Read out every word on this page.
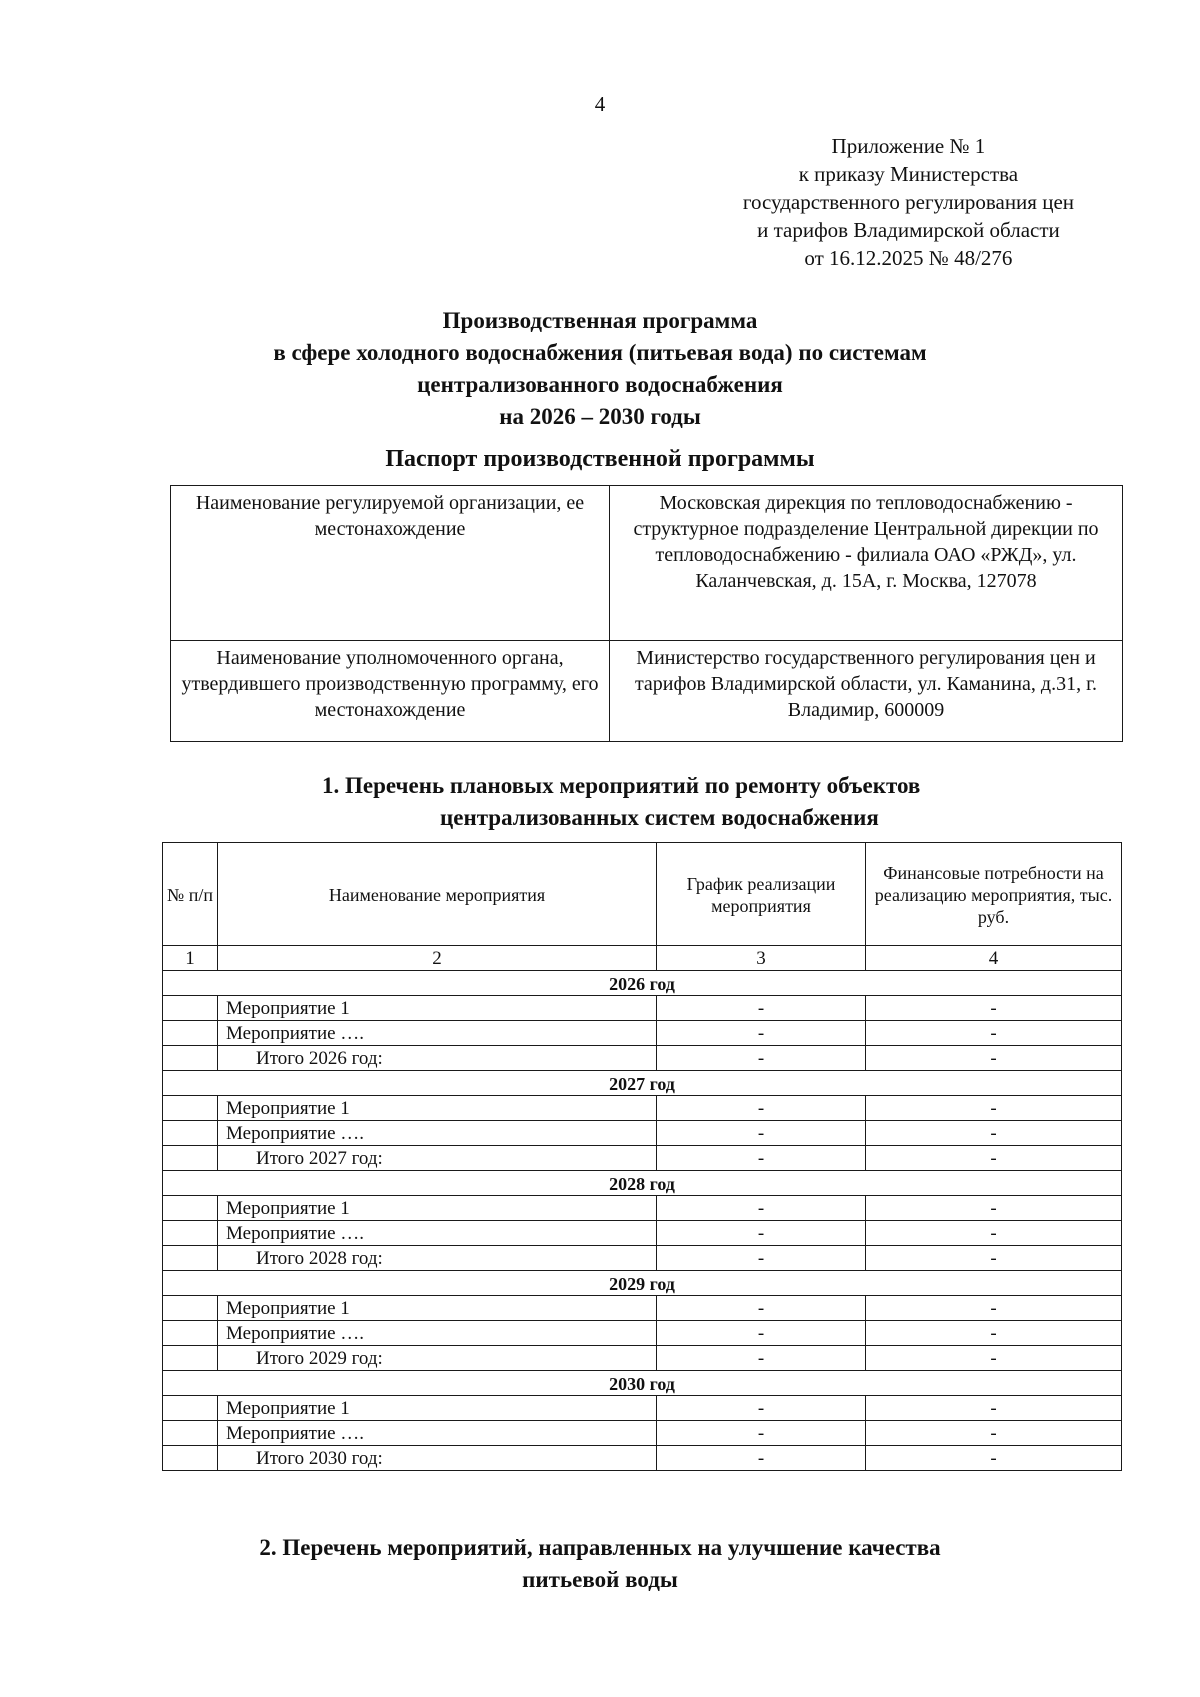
4
Приложение № 1
к приказу Министерства
государственного регулирования цен
и тарифов Владимирской области
от 16.12.2025 № 48/276
Производственная программа
в сфере холодного водоснабжения (питьевая вода) по системам
централизованного водоснабжения
на 2026 – 2030 годы
Паспорт производственной программы
Наименование регулируемой организации, ее местонахождение	Московская дирекция по тепловодоснабжению - структурное подразделение Центральной дирекции по тепловодоснабжению - филиала ОАО «РЖД», ул. Каланчевская, д. 15А, г. Москва, 127078
Наименование уполномоченного органа, утвердившего производственную программу, его местонахождение	Министерство государственного регулирования цен и тарифов Владимирской области, ул. Каманина, д.31, г. Владимир, 600009
1. Перечень плановых мероприятий по ремонту объектов
централизованных систем водоснабжения
№ п/п	Наименование мероприятия	График реализации мероприятия	Финансовые потребности на реализацию мероприятия, тыс. руб.
1	2	3	4
2026 год			
	Мероприятие 1	-	-
	Мероприятие ….	-	-
	Итого 2026 год:	-	-
2027 год			
	Мероприятие 1	-	-
	Мероприятие ….	-	-
	Итого 2027 год:	-	-
2028 год			
	Мероприятие 1	-	-
	Мероприятие ….	-	-
	Итого 2028 год:	-	-
2029 год			
	Мероприятие 1	-	-
	Мероприятие ….	-	-
	Итого 2029 год:	-	-
2030 год			
	Мероприятие 1	-	-
	Мероприятие ….	-	-
	Итого 2030 год:	-	-
2. Перечень мероприятий, направленных на улучшение качества
питьевой воды
